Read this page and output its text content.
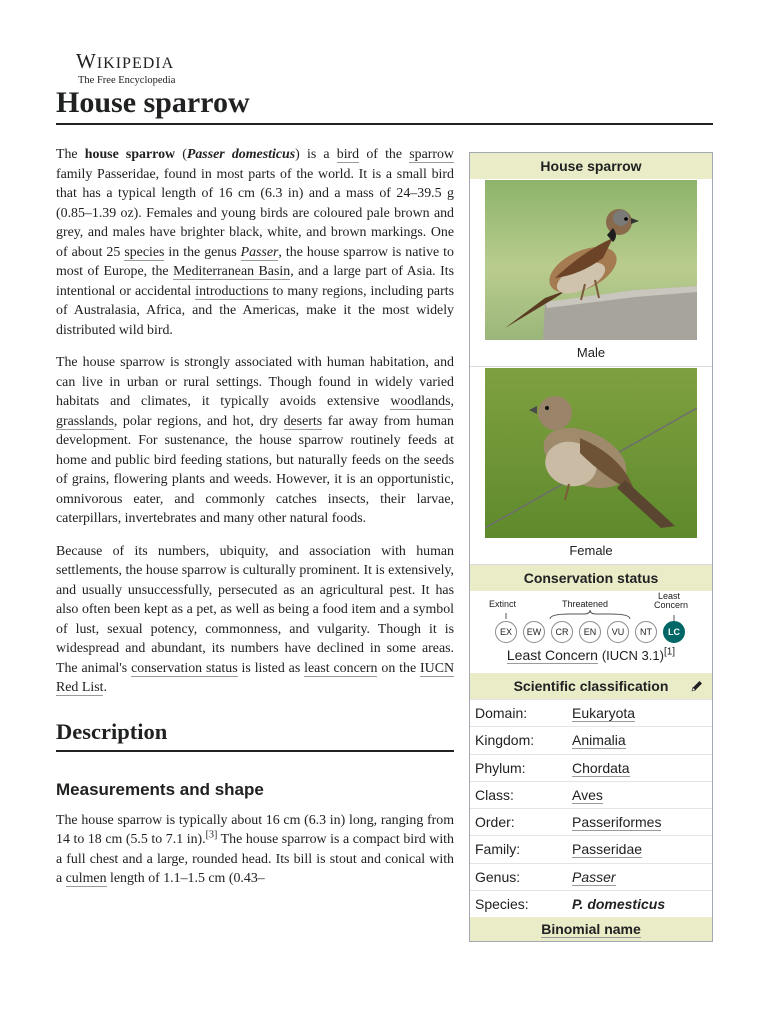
WIKIPEDIA
The Free Encyclopedia
House sparrow

The house sparrow (Passer domesticus) is a bird of the sparrow family Passeridae, found in most parts of the world. It is a small bird that has a typical length of 16 cm (6.3 in) and a mass of 24–39.5 g (0.85–1.39 oz). Females and young birds are coloured pale brown and grey, and males have brighter black, white, and brown markings. One of about 25 species in the genus Passer, the house sparrow is native to most of Europe, the Mediterranean Basin, and a large part of Asia. Its intentional or accidental introductions to many regions, including parts of Australasia, Africa, and the Americas, make it the most widely distributed wild bird.

The house sparrow is strongly associated with human habitation, and can live in urban or rural settings. Though found in widely varied habitats and climates, it typically avoids extensive woodlands, grasslands, polar regions, and hot, dry deserts far away from human development. For sustenance, the house sparrow routinely feeds at home and public bird feeding stations, but naturally feeds on the seeds of grains, flowering plants and weeds. However, it is an opportunistic, omnivorous eater, and commonly catches insects, their larvae, caterpillars, invertebrates and many other natural foods.

Because of its numbers, ubiquity, and association with human settlements, the house sparrow is culturally prominent. It is extensively, and usually unsuccessfully, persecuted as an agricultural pest. It has also often been kept as a pet, as well as being a food item and a symbol of lust, sexual potency, commonness, and vulgarity. Though it is widespread and abundant, its numbers have declined in some areas. The animal's conservation status is listed as least concern on the IUCN Red List.

Description
Measurements and shape

The house sparrow is typically about 16 cm (6.3 in) long, ranging from 14 to 18 cm (5.5 to 7.1 in).[3] The house sparrow is a compact bird with a full chest and a large, rounded head. Its bill is stout and conical with a culmen length of 1.1–1.5 cm (0.43–

House sparrow
Male
Female
Conservation status
Extinct	Threatened
Least
Concern
EX	EW	CR	EN	VU	NT	LC
Least Concern (IUCN 3.1)[1]
Scientific classification
Domain:	Eukaryota
Kingdom:	Animalia
Phylum:	Chordata
Class:	Aves
Order:	Passeriformes
Family:	Passeridae
Genus:	Passer
Species:	P. domesticus
Binomial name
